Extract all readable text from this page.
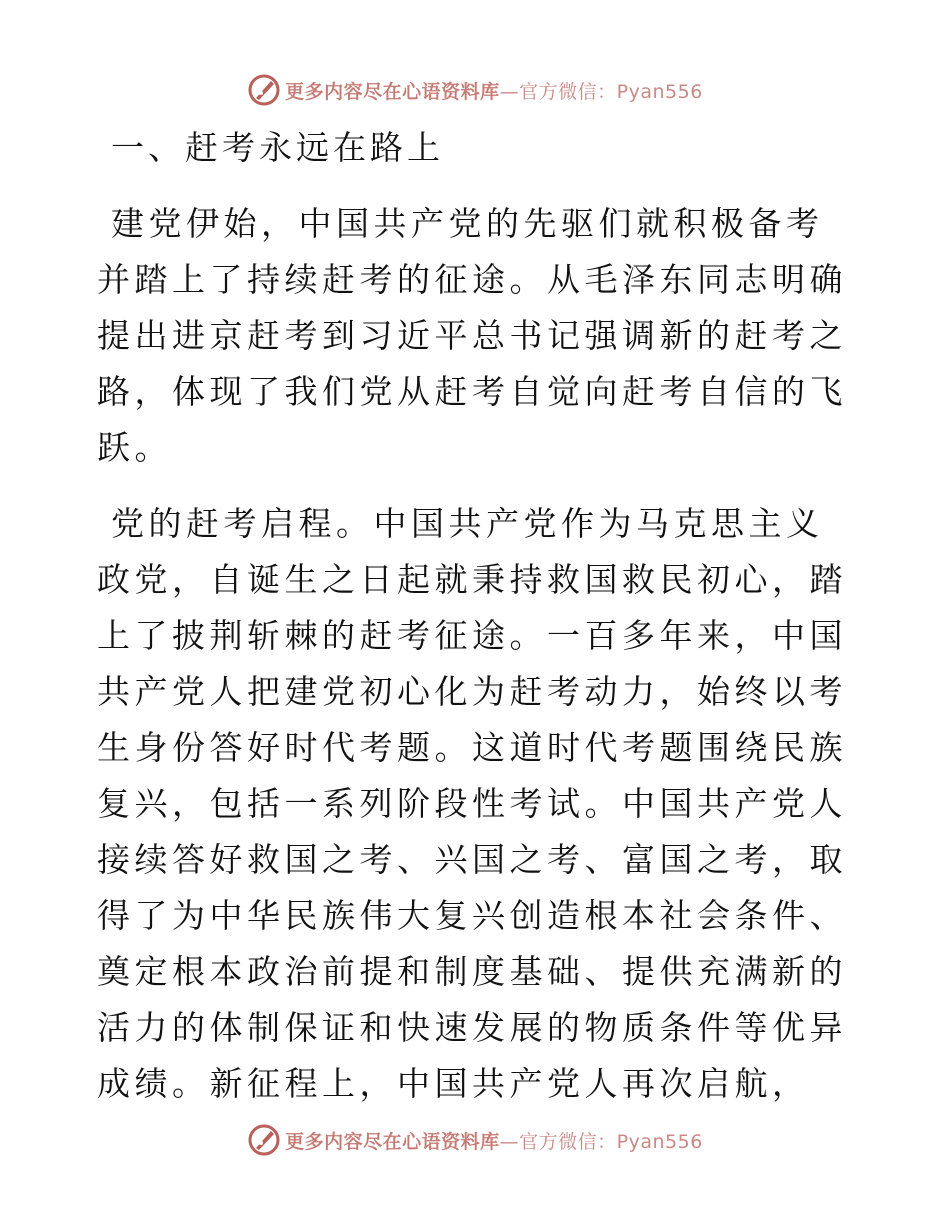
更多内容尽在心语资料库—官方微信：Pyan556
一、赶考永远在路上
建党伊始，中国共产党的先驱们就积极备考并踏上了持续赶考的征途。从毛泽东同志明确提出进京赶考到习近平总书记强调新的赶考之路，体现了我们党从赶考自觉向赶考自信的飞跃。
党的赶考启程。中国共产党作为马克思主义政党，自诞生之日起就秉持救国救民初心，踏上了披荆斩棘的赶考征途。一百多年来，中国共产党人把建党初心化为赶考动力，始终以考生身份答好时代考题。这道时代考题围绕民族复兴，包括一系列阶段性考试。中国共产党人接续答好救国之考、兴国之考、富国之考，取得了为中华民族伟大复兴创造根本社会条件、奠定根本政治前提和制度基础、提供充满新的活力的体制保证和快速发展的物质条件等优异成绩。新征程上，中国共产党人再次启航，
更多内容尽在心语资料库—官方微信：Pyan556
